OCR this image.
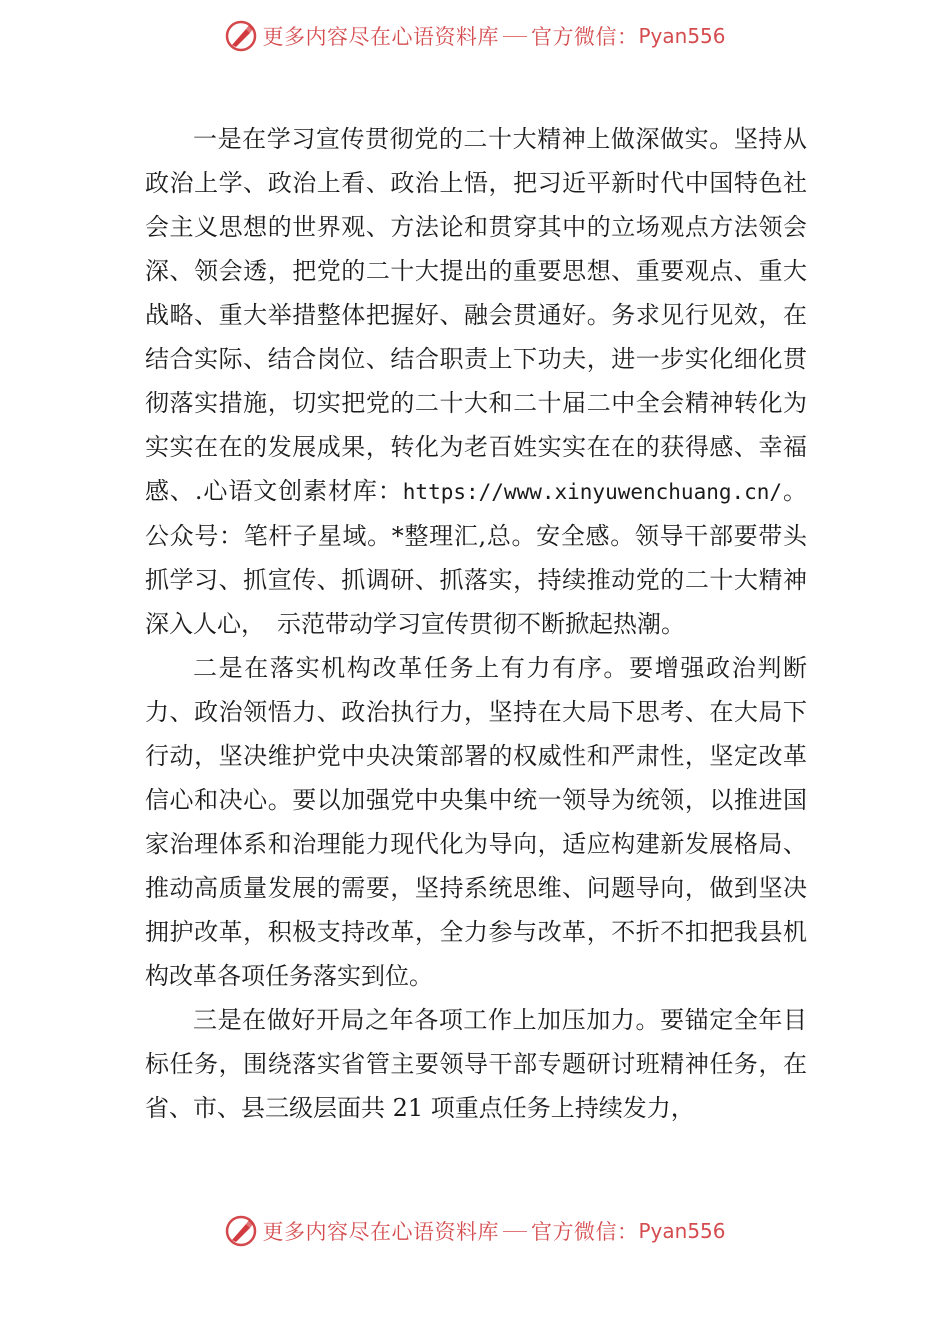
更多内容尽在心语资料库 官方微信： Pyan556

一是在学习宣传贯彻党的二十大精神上做深做实。坚持从政治上学、政治上看、政治上悟，把习近平新时代中国特色社会主义思想的世界观、方法论和贯穿其中的立场观点方法领会深、领会透，把党的二十大提出的重要思想、重要观点、重大战略、重大举措整体把握好、融会贯通好。务求见行见效，在结合实际、结合岗位、结合职责上下功夫，进一步实化细化贯彻落实措施，切实把党的二十大和二十届二中全会精神转化为实实在在的发展成果，转化为老百姓实实在在的获得感、幸福感、.心语文创素材库：https://www.xinyuwenchuang.cn/。公众号：笔杆子星域。*整理汇,总。安全感。领导干部要带头抓学习、抓宣传、抓调研、抓落实，持续推动党的二十大精神深入人心，　示范带动学习宣传贯彻不断掀起热潮。

二是在落实机构改革任务上有力有序。要增强政治判断力、政治领悟力、政治执行力，坚持在大局下思考、在大局下行动，坚决维护党中央决策部署的权威性和严肃性，坚定改革信心和决心。要以加强党中央集中统一领导为统领，以推进国家治理体系和治理能力现代化为导向，适应构建新发展格局、推动高质量发展的需要，坚持系统思维、问题导向，做到坚决拥护改革，积极支持改革，全力参与改革，不折不扣把我县机构改革各项任务落实到位。

三是在做好开局之年各项工作上加压加力。要锚定全年目标任务，围绕落实省管主要领导干部专题研讨班精神任务，在省、市、县三级层面共 21 项重点任务上持续发力，

更多内容尽在心语资料库 官方微信： Pyan556
